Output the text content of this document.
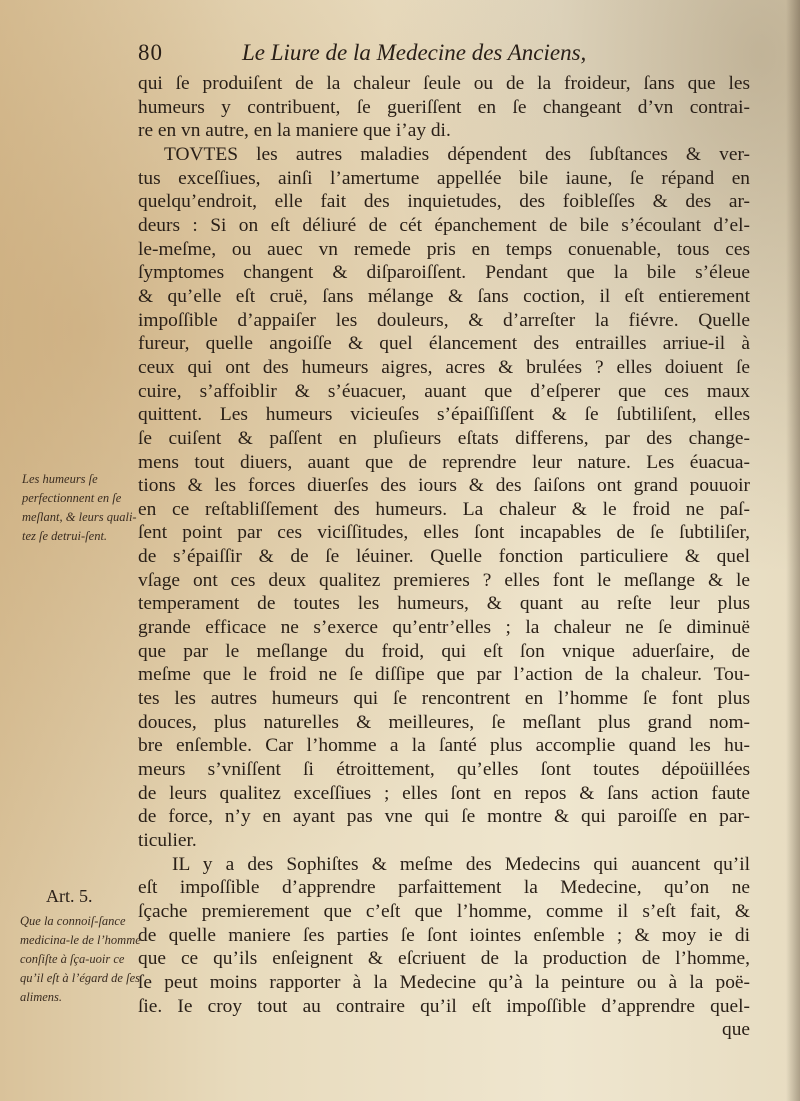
80	Le Liure de la Medecine des Anciens,
qui ſe produiſent de la chaleur ſeule ou de la froideur, ſans que les
humeurs y contribuent, ſe gueriſſent en ſe changeant d’vn contrai-
re en vn autre, en la maniere que i’ay di.
TOVTES les autres maladies dépendent des ſubſtances & ver-
tus exceſſiues, ainſi l’amertume appellée bile iaune, ſe répand en
quelqu’endroit, elle fait des inquietudes, des foibleſſes & des ar-
deurs : Si on eſt déliuré de cét épanchement de bile s’écoulant d’el-
le-meſme, ou auec vn remede pris en temps conuenable, tous ces
ſymptomes changent & diſparoiſſent. Pendant que la bile s’éleue
& qu’elle eſt cruë, ſans mélange & ſans coction, il eſt entierement
impoſſible d’appaiſer les douleurs, & d’arreſter la fiévre. Quelle
fureur, quelle angoiſſe & quel élancement des entrailles arriue-il à
ceux qui ont des humeurs aigres, acres & brulées ? elles doiuent ſe
cuire, s’affoiblir & s’éuacuer, auant que d’eſperer que ces maux
quittent. Les humeurs vicieuſes s’épaiſſiſſent & ſe ſubtiliſent, elles
ſe cuiſent & paſſent en pluſieurs eſtats differens, par des change-
mens tout diuers, auant que de reprendre leur nature. Les éuacua-
tions & les forces diuerſes des iours & des ſaiſons ont grand pouuoir
en ce reſtabliſſement des humeurs. La chaleur & le froid ne paſ-
ſent point par ces viciſſitudes, elles ſont incapables de ſe ſubtiliſer,
de s’épaiſſir & de ſe léuiner. Quelle fonction particuliere & quel
vſage ont ces deux qualitez premieres ? elles font le meſlange & le
temperament de toutes les humeurs, & quant au reſte leur plus
grande efficace ne s’exerce qu’entr’elles ; la chaleur ne ſe diminuë
que par le meſlange du froid, qui eſt ſon vnique aduerſaire, de
meſme que le froid ne ſe diſſipe que par l’action de la chaleur. Tou-
tes les autres humeurs qui ſe rencontrent en l’homme ſe font plus
douces, plus naturelles & meilleures, ſe meſlant plus grand nom-
bre enſemble. Car l’homme a la ſanté plus accomplie quand les hu-
meurs s’vniſſent ſi étroittement, qu’elles ſont toutes dépoüillées
de leurs qualitez exceſſiues ; elles ſont en repos & ſans action faute
de force, n’y en ayant pas vne qui ſe montre & qui paroiſſe en par-
ticulier.
IL y a des Sophiſtes & meſme des Medecins qui auancent qu’il
eſt impoſſible d’apprendre parfaittement la Medecine, qu’on ne
ſçache premierement que c’eſt que l’homme, comme il s’eſt fait, &
de quelle maniere ſes parties ſe ſont iointes enſemble ; & moy ie di
que ce qu’ils enſeignent & eſcriuent de la production de l’homme,
ſe peut moins rapporter à la Medecine qu’à la peinture ou à la poë-
ſie. Ie croy tout au contraire qu’il eſt impoſſible d’apprendre quel-
que
Les humeurs ſe perfectionnent en ſe meſlant, & leurs quali-tez ſe detrui-ſent.
Art. 5.
Que la connoiſ-ſance medicina-le de l’homme conſiſte à ſça-uoir ce qu’il eſt à l’égard de ſes alimens.
